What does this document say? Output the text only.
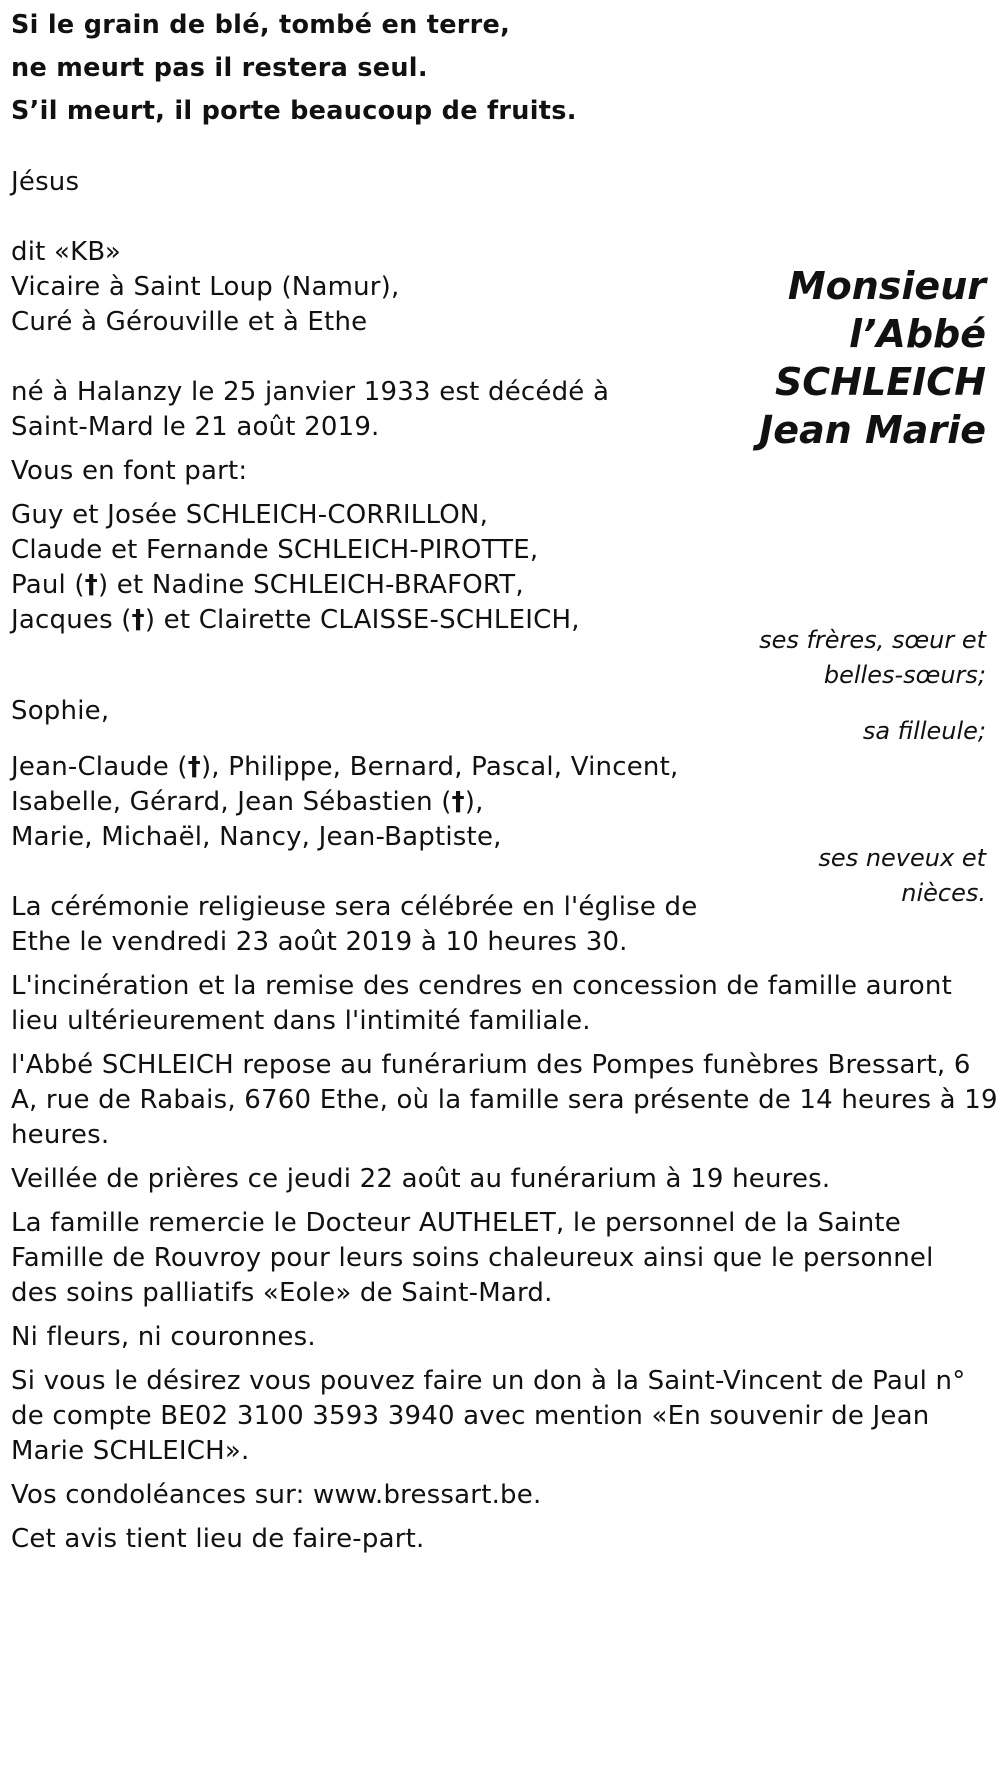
Si le grain de blé, tombé en terre,
ne meurt pas il restera seul.
S’il meurt, il porte beaucoup de fruits.
Jésus
Monsieur
l’Abbé
SCHLEICH
Jean Marie
dit «KB»
Vicaire à Saint Loup (Namur),
Curé à Gérouville et à Ethe
né à Halanzy le 25 janvier 1933 est décédé à
Saint-Mard le 21 août 2019.
Vous en font part:
Guy et Josée SCHLEICH-CORRILLON,
Claude et Fernande SCHLEICH-PIROTTE,
Paul (†) et Nadine SCHLEICH-BRAFORT,
Jacques (†) et Clairette CLAISSE-SCHLEICH,
ses frères, sœur et
belles-sœurs;
Sophie,
sa filleule;
Jean-Claude (†), Philippe, Bernard, Pascal, Vincent,
Isabelle, Gérard, Jean Sébastien (†),
Marie, Michaël, Nancy, Jean-Baptiste,
ses neveux et
nièces.
La cérémonie religieuse sera célébrée en l'église de
Ethe le vendredi 23 août 2019 à 10 heures 30.
L'incinération et la remise des cendres en concession de famille auront
lieu ultérieurement dans l'intimité familiale.
l'Abbé SCHLEICH repose au funérarium des Pompes funèbres Bressart, 6
A, rue de Rabais, 6760 Ethe, où la famille sera présente de 14 heures à 19
heures.
Veillée de prières ce jeudi 22 août au funérarium à 19 heures.
La famille remercie le Docteur AUTHELET, le personnel de la Sainte
Famille de Rouvroy pour leurs soins chaleureux ainsi que le personnel
des soins palliatifs «Eole» de Saint-Mard.
Ni fleurs, ni couronnes.
Si vous le désirez vous pouvez faire un don à la Saint-Vincent de Paul n°
de compte BE02 3100 3593 3940 avec mention «En souvenir de Jean
Marie SCHLEICH».
Vos condoléances sur: www.bressart.be.
Cet avis tient lieu de faire-part.
